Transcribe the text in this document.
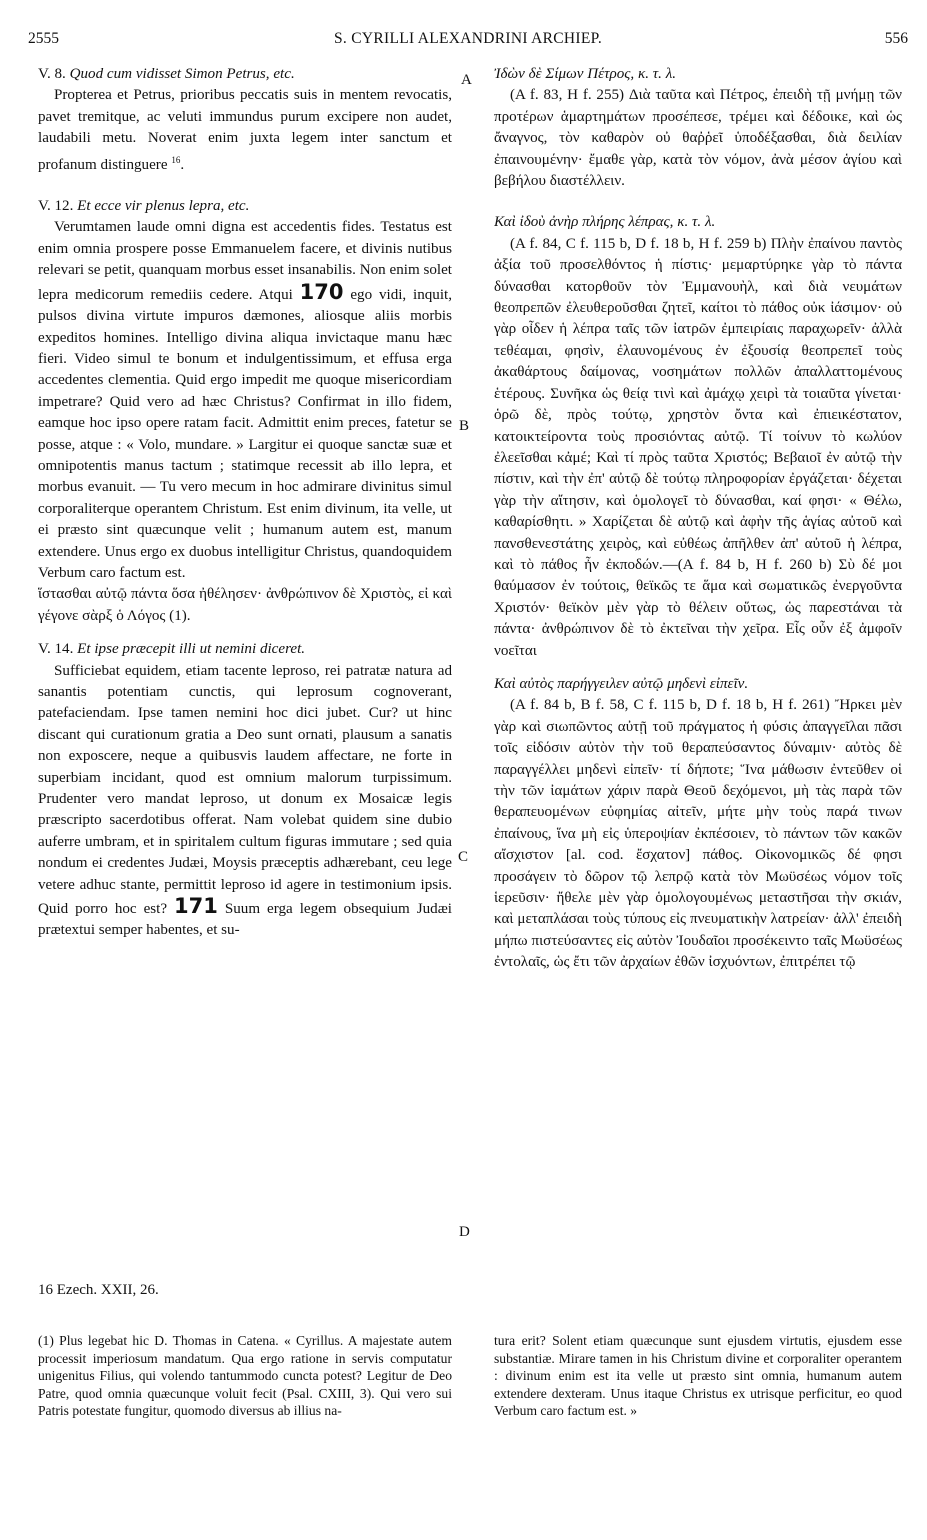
2555	S. CYRILLI ALEXANDRINI ARCHIEP.	556
A
B
C
D
V. 8. Quod cum vidisset Simon Petrus, etc.
Propterea et Petrus, prioribus peccatis suis in mentem revocatis, pavet tremitque, ac veluti immundus purum excipere non audet, laudabili metu. Noverat enim juxta legem inter sanctum et profanum distinguere $^{16}$.
V. 12. Et ecce vir plenus lepra, etc.
Verumtamen laude omni digna est accedentis fides. Testatus est enim omnia prospere posse Emmanuelem facere, et divinis nutibus relevari se petit, quanquam morbus esset insanabilis. Non enim solet lepra medicorum remediis cedere. Atqui 170 ego vidi, inquit, pulsos divina virtute impuros dæmones, aliosque aliis morbis expeditos homines. Intelligo divina aliqua invictaque manu hæc fieri. Video simul te bonum et indulgentissimum, et effusa erga accedentes clementia. Quid ergo impedit me quoque misericordiam impetrare? Quid vero ad hæc Christus? Confirmat in illo fidem, eamque hoc ipso opere ratam facit. Admittit enim preces, fatetur se posse, atque : « Volo, mundare. » Largitur ei quoque sanctæ suæ et omnipotentis manus tactum ; statimque recessit ab illo lepra, et morbus evanuit. — Tu vero mecum in hoc admirare divinitus simul corporaliterque operantem Christum. Est enim divinum, ita velle, ut ei præsto sint quæcunque velit ; humanum autem est, manum extendere. Unus ergo ex duobus intelligitur Christus, quandoquidem Verbum caro factum est.
ἵστασθαι αὐτῷ πάντα ὅσα ἠθέλησεν· ἀνθρώπινον δὲ Χριστὸς, εἰ καὶ γέγονε σὰρξ ὁ Λόγος (1).
V. 14. Et ipse præcepit illi ut nemini diceret.
Sufficiebat equidem, etiam tacente leproso, rei patratæ natura ad sanantis potentiam cunctis, qui leprosum cognoverant, patefaciendam. Ipse tamen nemini hoc dici jubet. Cur? ut hinc discant qui curationum gratia a Deo sunt ornati, plausum a sanatis non exposcere, neque a quibusvis laudem affectare, ne forte in superbiam incidant, quod est omnium malorum turpissimum. Prudenter vero mandat leproso, ut donum ex Mosaicæ legis præscripto sacerdotibus offerat. Nam volebat quidem sine dubio auferre umbram, et in spiritalem cultum figuras immutare ; sed quia nondum ei credentes Judæi, Moysis præceptis adhærebant, ceu lege vetere adhuc stante, permittit leproso id agere in testimonium ipsis. Quid porro hoc est? 171 Suum erga legem obsequium Judæi prætextui semper habentes, et su-
Ἰδὼν δὲ Σίμων Πέτρος, κ. τ. λ.
(A f. 83, H f. 255) Διὰ ταῦτα καὶ Πέτρος, ἐπειδὴ τῇ μνήμῃ τῶν προτέρων ἁμαρτημάτων προσέπεσε, τρέμει καὶ δέδοικε, καὶ ὡς ἄναγνος, τὸν καθαρὸν οὐ θαῤῥεῖ ὑποδέξασθαι, διὰ δειλίαν ἐπαινουμένην· ἔμαθε γὰρ, κατὰ τὸν νόμον, ἀνὰ μέσον ἁγίου καὶ βεβήλου διαστέλλειν.
Καὶ ἰδοὺ ἀνὴρ πλήρης λέπρας, κ. τ. λ.
(A f. 84, C f. 115 b, D f. 18 b, H f. 259 b) Πλὴν ἐπαίνου παντὸς ἀξία τοῦ προσελθόντος ἡ πίστις· μεμαρτύρηκε γὰρ τὸ πάντα δύνασθαι κατορθοῦν τὸν Ἐμμανουὴλ, καὶ διὰ νευμάτων θεοπρεπῶν ἐλευθεροῦσθαι ζητεῖ, καίτοι τὸ πάθος οὐκ ἰάσιμον· οὐ γὰρ οἶδεν ἡ λέπρα ταῖς τῶν ἰατρῶν ἐμπειρίαις παραχωρεῖν· ἀλλὰ τεθέαμαι, φησὶν, ἐλαυνομένους ἐν ἐξουσίᾳ θεοπρεπεῖ τοὺς ἀκαθάρτους δαίμονας, νοσημάτων πολλῶν ἀπαλλαττομένους ἑτέρους. Συνῆκα ὡς θείᾳ τινὶ καὶ ἀμάχῳ χειρὶ τὰ τοιαῦτα γίνεται· ὁρῶ δὲ, πρὸς τούτῳ, χρηστὸν ὄντα καὶ ἐπιεικέστατον, κατοικτείροντα τοὺς προσιόντας αὐτῷ. Τί τοίνυν τὸ κωλύον ἐλεεῖσθαι κἀμέ; Καὶ τί πρὸς ταῦτα Χριστός; Βεβαιοῖ ἐν αὐτῷ τὴν πίστιν, καὶ τὴν ἐπ' αὐτῷ δὲ τούτῳ πληροφορίαν ἐργάζεται· δέχεται γὰρ τὴν αἴτησιν, καὶ ὁμολογεῖ τὸ δύνασθαι, καί φησι· « Θέλω, καθαρίσθητι. » Χαρίζεται δὲ αὐτῷ καὶ ἀφὴν τῆς ἁγίας αὐτοῦ καὶ πανσθενεστάτης χειρὸς, καὶ εὐθέως ἀπῆλθεν ἀπ' αὐτοῦ ἡ λέπρα, καὶ τὸ πάθος ἦν ἐκποδών.—(A f. 84 b, H f. 260 b) Σὺ δέ μοι θαύμασον ἐν τούτοις, θεϊκῶς τε ἅμα καὶ σωματικῶς ἐνεργοῦντα Χριστόν· θεϊκὸν μὲν γὰρ τὸ θέλειν οὕτως, ὡς παρεστάναι τὰ πάντα· ἀνθρώπινον δὲ τὸ ἐκτεῖναι τὴν χεῖρα. Εἷς οὖν ἐξ ἀμφοῖν νοεῖται
Καὶ αὐτὸς παρήγγειλεν αὐτῷ μηδενὶ εἰπεῖν.
(A f. 84 b, B f. 58, C f. 115 b, D f. 18 b, H f. 261) Ἤρκει μὲν γὰρ καὶ σιωπῶντος αὐτῇ τοῦ πράγματος ἡ φύσις ἀπαγγεῖλαι πᾶσι τοῖς εἰδόσιν αὐτὸν τὴν τοῦ θεραπεύσαντος δύναμιν· αὐτὸς δὲ παραγγέλλει μηδενὶ εἰπεῖν· τί δήποτε; Ἵνα μάθωσιν ἐντεῦθεν οἱ τὴν τῶν ἰαμάτων χάριν παρὰ Θεοῦ δεχόμενοι, μὴ τὰς παρὰ τῶν θεραπευομένων εὐφημίας αἰτεῖν, μήτε μὴν τοὺς παρά τινων ἐπαίνους, ἵνα μὴ εἰς ὑπεροψίαν ἐκπέσοιεν, τὸ πάντων τῶν κακῶν αἴσχιστον [al. cod. ἔσχατον] πάθος. Οἰκονομικῶς δέ φησι προσάγειν τὸ δῶρον τῷ λεπρῷ κατὰ τὸν Μωϋσέως νόμον τοῖς ἱερεῦσιν· ἤθελε μὲν γὰρ ὁμολογουμένως μεταστῆσαι τὴν σκιάν, καὶ μεταπλάσαι τοὺς τύπους εἰς πνευματικὴν λατρείαν· ἀλλ' ἐπειδὴ μήπω πιστεύσαντες εἰς αὐτὸν Ἰουδαῖοι προσέκειντο ταῖς Μωϋσέως ἐντολαῖς, ὡς ἔτι τῶν ἀρχαίων ἐθῶν ἰσχυόντων, ἐπιτρέπει τῷ
16 Ezech. XXII, 26.
(1) Plus legebat hic D. Thomas in Catena. « Cyrillus. A majestate autem processit imperiosum mandatum. Qua ergo ratione in servis computatur unigenitus Filius, qui volendo tantummodo cuncta potest? Legitur de Deo Patre, quod omnia quæcunque voluit fecit (Psal. CXIII, 3). Qui vero sui Patris potestate fungitur, quomodo diversus ab illius na-
tura erit? Solent etiam quæcunque sunt ejusdem virtutis, ejusdem esse substantiæ. Mirare tamen in his Christum divine et corporaliter operantem : divinum enim est ita velle ut præsto sint omnia, humanum autem extendere dexteram. Unus itaque Christus ex utrisque perficitur, eo quod Verbum caro factum est. »
